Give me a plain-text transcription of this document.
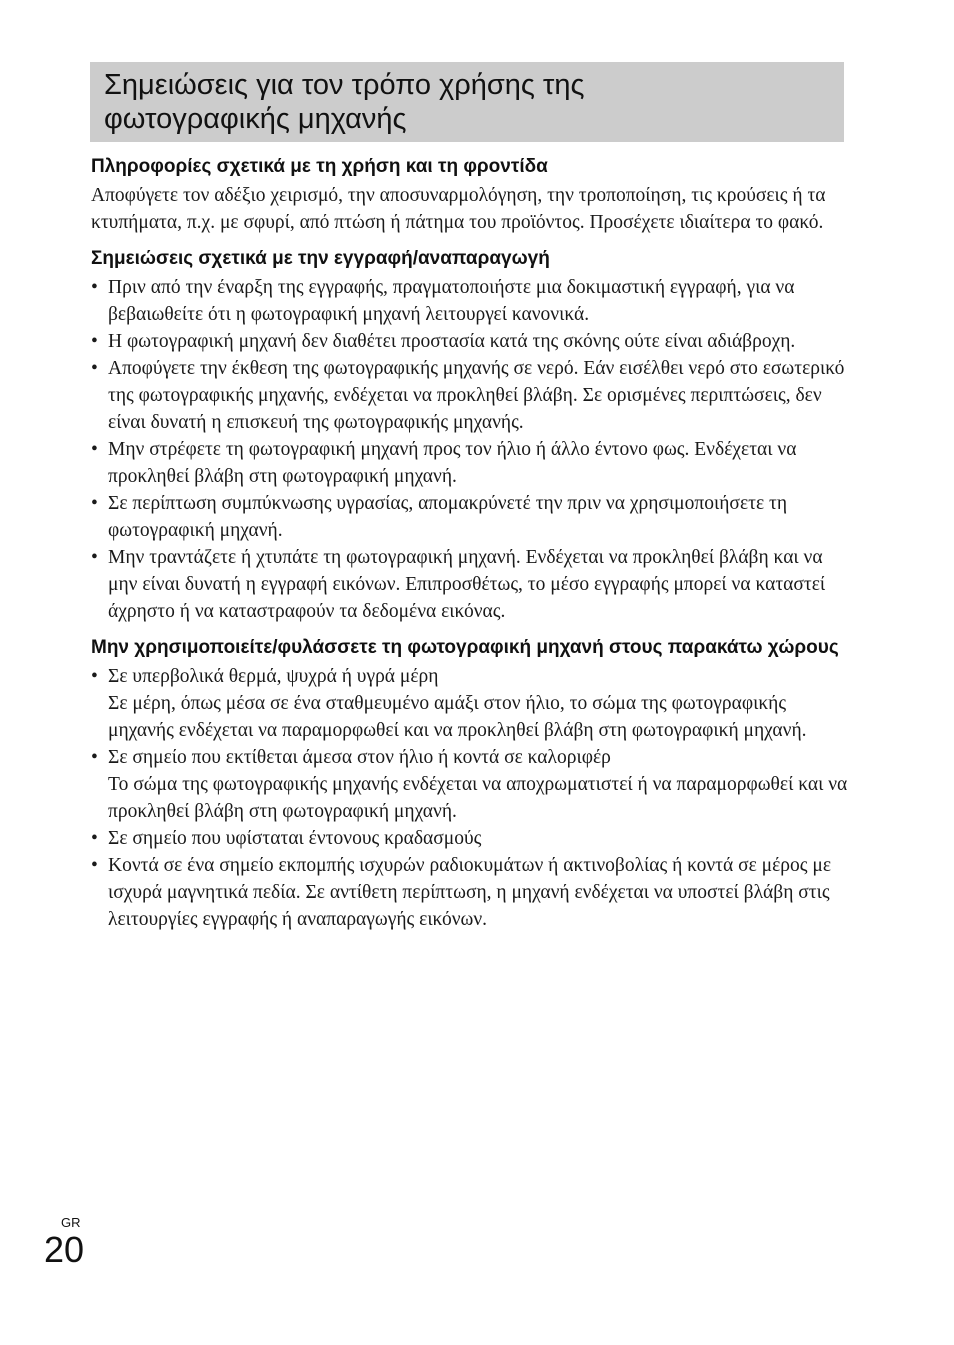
Σημειώσεις για τον τρόπο χρήσης της
φωτογραφικής μηχανής
Πληροφορίες σχετικά με τη χρήση και τη φροντίδα

Αποφύγετε τον αδέξιο χειρισμό, την αποσυναρμολόγηση, την τροποποίηση, τις κρούσεις ή τα κτυπήματα, π.χ. με σφυρί, από πτώση ή πάτημα του προϊόντος. Προσέχετε ιδιαίτερα το φακό.

Σημειώσεις σχετικά με την εγγραφή/αναπαραγωγή
• Πριν από την έναρξη της εγγραφής, πραγματοποιήστε μια δοκιμαστική εγγραφή, για να βεβαιωθείτε ότι η φωτογραφική μηχανή λειτουργεί κανονικά.
• Η φωτογραφική μηχανή δεν διαθέτει προστασία κατά της σκόνης ούτε είναι αδιάβροχη.
• Αποφύγετε την έκθεση της φωτογραφικής μηχανής σε νερό. Εάν εισέλθει νερό στο εσωτερικό της φωτογραφικής μηχανής, ενδέχεται να προκληθεί βλάβη. Σε ορισμένες περιπτώσεις, δεν είναι δυνατή η επισκευή της φωτογραφικής μηχανής.
• Μην στρέφετε τη φωτογραφική μηχανή προς τον ήλιο ή άλλο έντονο φως. Ενδέχεται να προκληθεί βλάβη στη φωτογραφική μηχανή.
• Σε περίπτωση συμπύκνωσης υγρασίας, απομακρύνετέ την πριν να χρησιμοποιήσετε τη φωτογραφική μηχανή.
• Μην τραντάζετε ή χτυπάτε τη φωτογραφική μηχανή. Ενδέχεται να προκληθεί βλάβη και να μην είναι δυνατή η εγγραφή εικόνων. Επιπροσθέτως, το μέσο εγγραφής μπορεί να καταστεί άχρηστο ή να καταστραφούν τα δεδομένα εικόνας.
Μην χρησιμοποιείτε/φυλάσσετε τη φωτογραφική μηχανή στους παρακάτω χώρους
• Σε υπερβολικά θερμά, ψυχρά ή υγρά μέρη
Σε μέρη, όπως μέσα σε ένα σταθμευμένο αμάξι στον ήλιο, το σώμα της φωτογραφικής μηχανής ενδέχεται να παραμορφωθεί και να προκληθεί βλάβη στη φωτογραφική μηχανή.
• Σε σημείο που εκτίθεται άμεσα στον ήλιο ή κοντά σε καλοριφέρ
Το σώμα της φωτογραφικής μηχανής ενδέχεται να αποχρωματιστεί ή να παραμορφωθεί και να προκληθεί βλάβη στη φωτογραφική μηχανή.
• Σε σημείο που υφίσταται έντονους κραδασμούς
• Κοντά σε ένα σημείο εκπομπής ισχυρών ραδιοκυμάτων ή ακτινοβολίας ή κοντά σε μέρος με ισχυρά μαγνητικά πεδία. Σε αντίθετη περίπτωση, η μηχανή ενδέχεται να υποστεί βλάβη στις λειτουργίες εγγραφής ή αναπαραγωγής εικόνων.
GR
20
